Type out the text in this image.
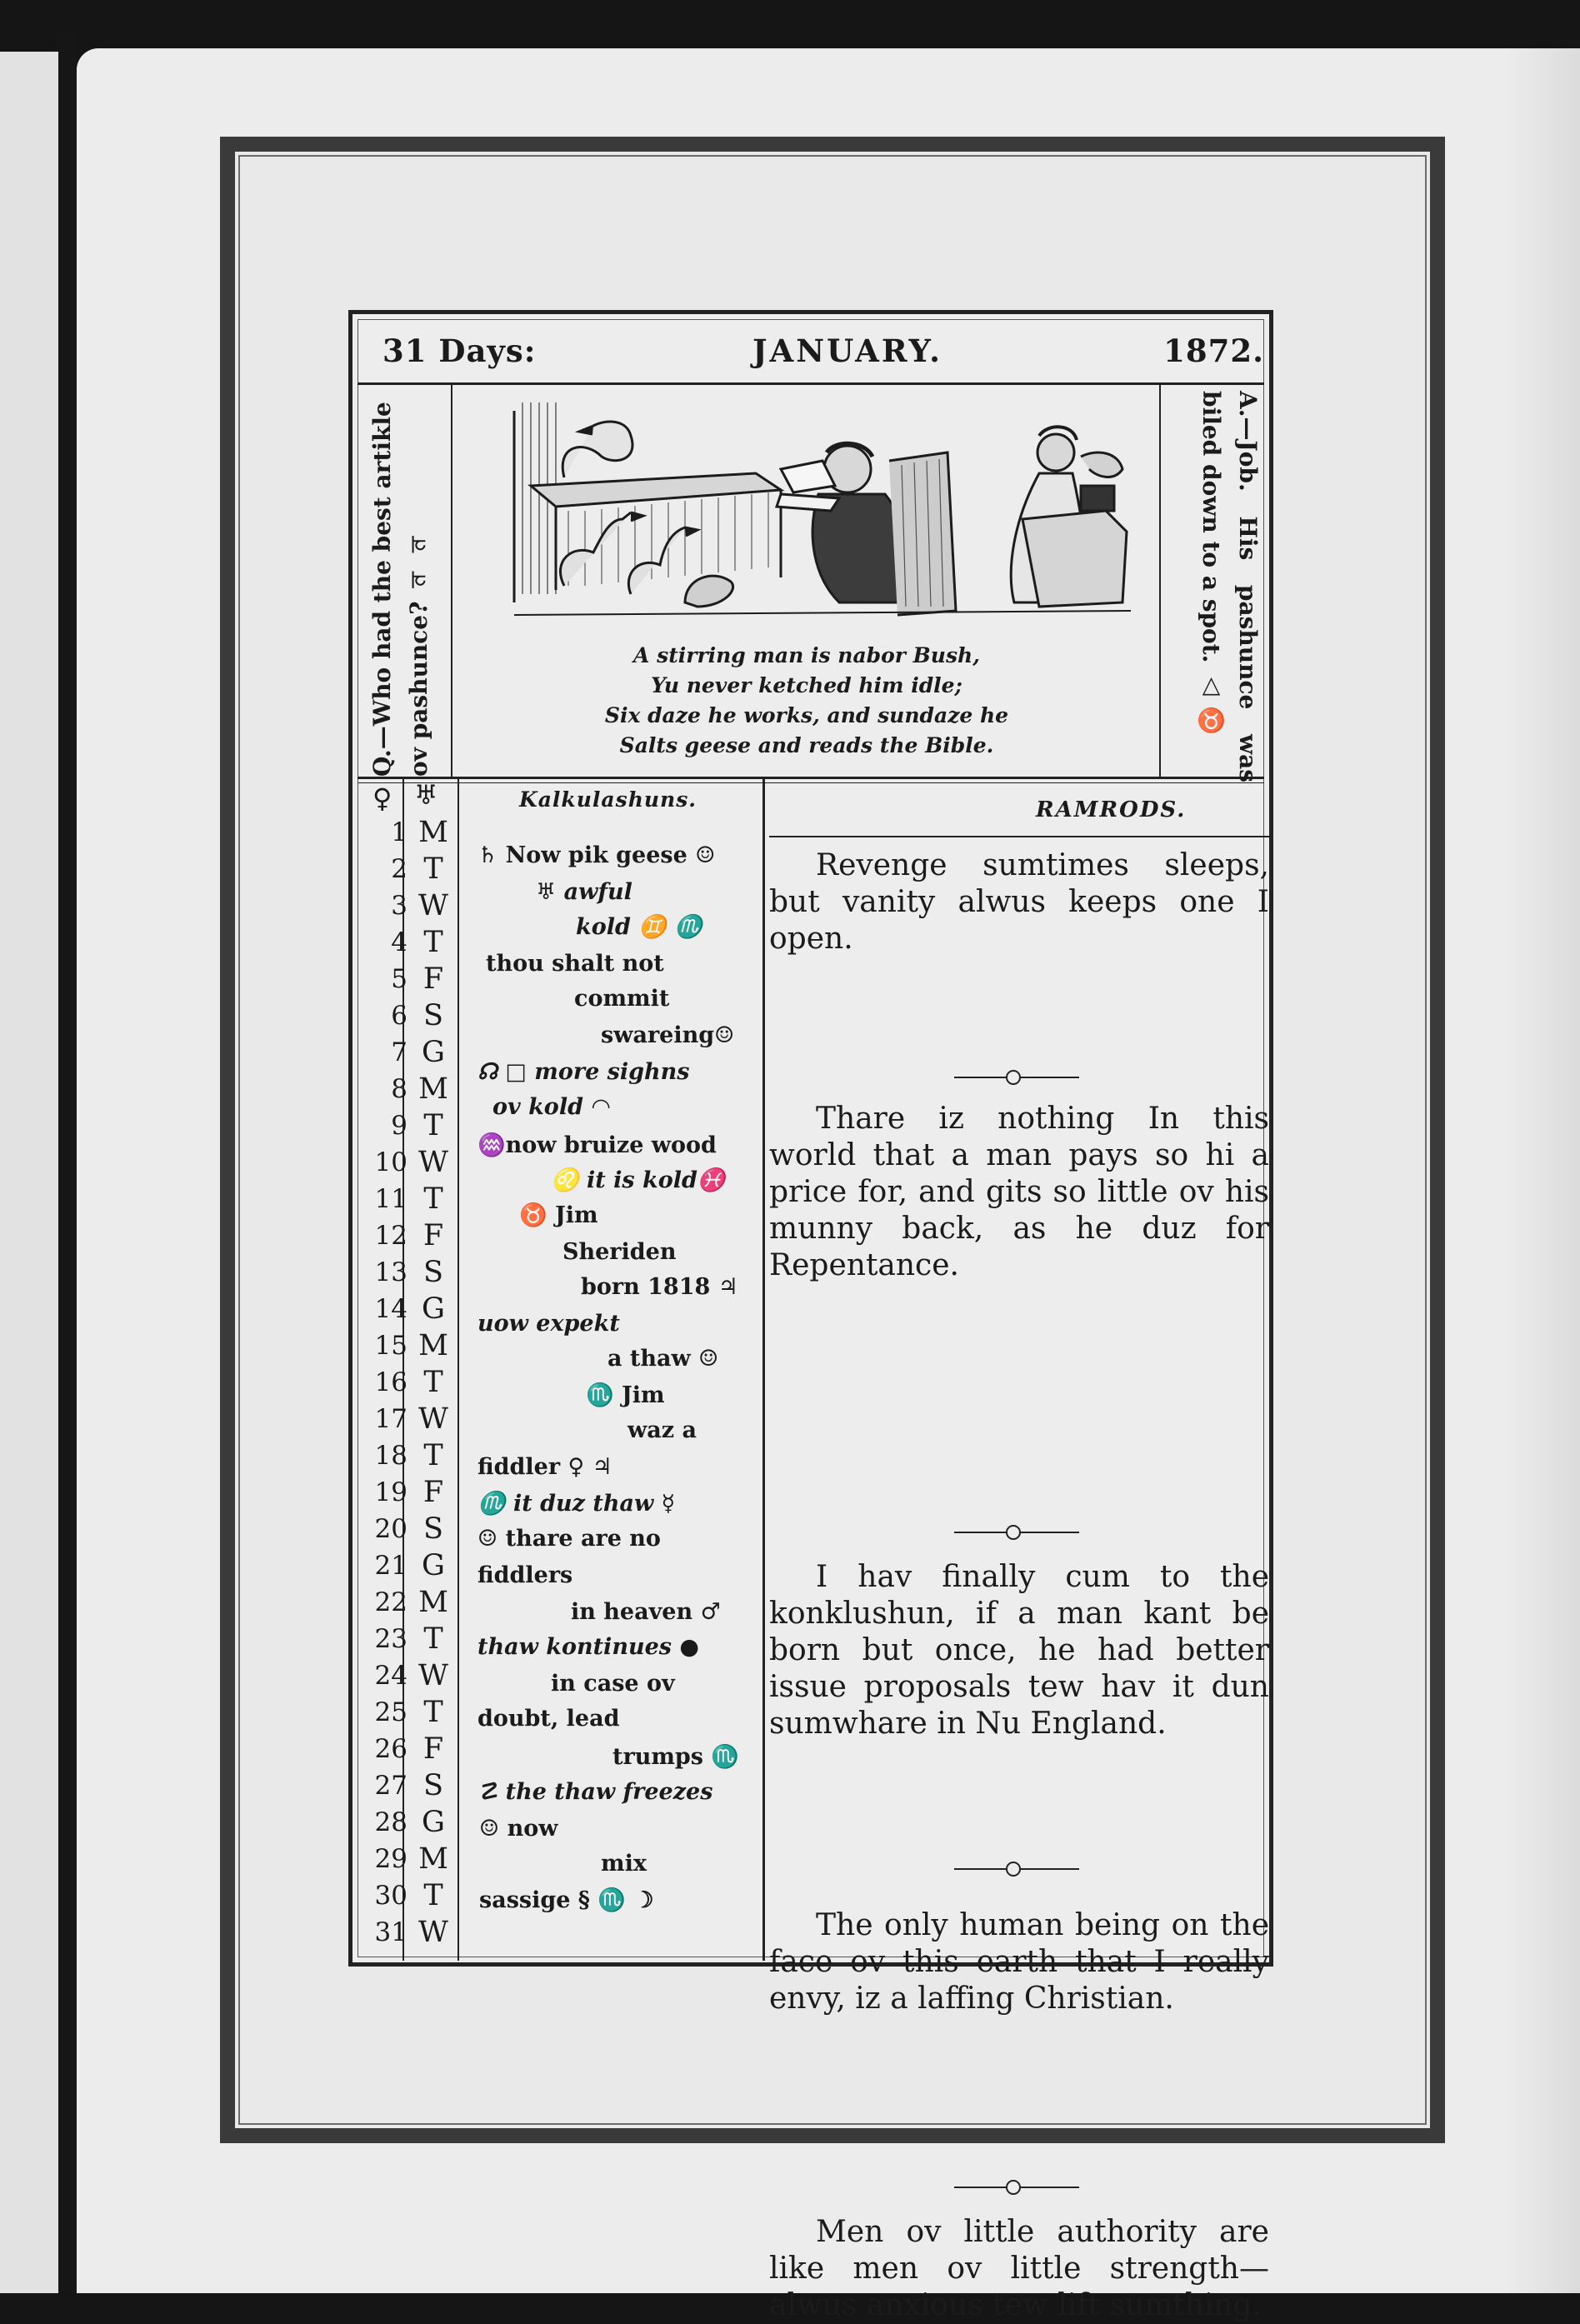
31 Days:	JANUARY.	1872.
Q.—Who had the best artikle ov pashunce? ♃ ♃	A.—Job. His pashunce was biled down to a spot. △ ♉
A stirring man is nabor Bush,
Yu never ketched him idle;
Six daze he works, and sundaze he
Salts geese and reads the Bible.
♀ ♅	Kalkulashuns.	RAMRODS.
1 M
2 T
3 W
4 T
5 F
6 S
7 G
8 M
9 T
10 W
11 T
12 F
13 S
14 G
15 M
16 T
17 W
18 T
19 F
20 S
21 G
22 M
23 T
24 W
25 T
26 F
27 S
28 G
29 M
30 T
31 W
♄ Now pik geese ☺
♅ awful
kold ♊ ♏
thou shalt not
commit
swareing☺
☊ □ more sighns
ov kold ◠
♒now bruize wood
♌ it is kold♓
♉ Jim
Sheriden
born 1818 ♃
uow expekt
a thaw ☺
♏ Jim
waz a
fiddler ♀ ♃
♏ it duz thaw ☿
☺ thare are no
fiddlers
in heaven ♂
thaw kontinues ●
in case ov
doubt, lead
trumps ♏
☡ the thaw freezes
☺ now
mix
sassige § ♏ ☽
Revenge sumtimes sleeps, but vanity alwus keeps one I open.
Thare iz nothing In this world that a man pays so hi a price for, and gits so little ov his munny back, as he duz for Repentance.
I hav finally cum to the konklushun, if a man kant be born but once, he had better issue proposals tew hav it dun sumwhare in Nu England.
The only human being on the face ov this earth that I really envy, iz a laffing Christian.
Men ov little authority are like men ov little strength—alwus anxious tew lift sumthing.
